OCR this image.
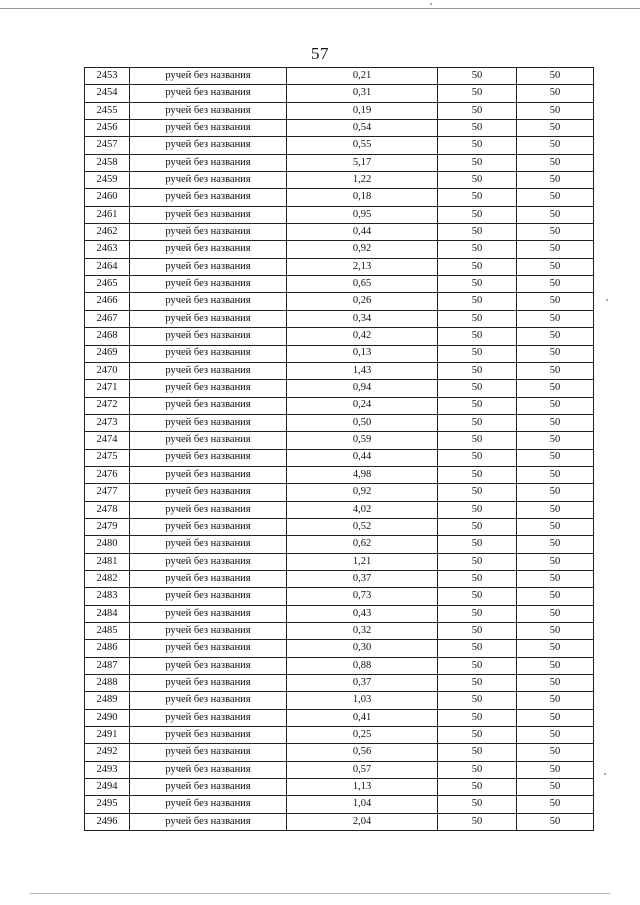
57
2453	ручей без названия	0,21	50	50
2454	ручей без названия	0,31	50	50
2455	ручей без названия	0,19	50	50
2456	ручей без названия	0,54	50	50
2457	ручей без названия	0,55	50	50
2458	ручей без названия	5,17	50	50
2459	ручей без названия	1,22	50	50
2460	ручей без названия	0,18	50	50
2461	ручей без названия	0,95	50	50
2462	ручей без названия	0,44	50	50
2463	ручей без названия	0,92	50	50
2464	ручей без названия	2,13	50	50
2465	ручей без названия	0,65	50	50
2466	ручей без названия	0,26	50	50
2467	ручей без названия	0,34	50	50
2468	ручей без названия	0,42	50	50
2469	ручей без названия	0,13	50	50
2470	ручей без названия	1,43	50	50
2471	ручей без названия	0,94	50	50
2472	ручей без названия	0,24	50	50
2473	ручей без названия	0,50	50	50
2474	ручей без названия	0,59	50	50
2475	ручей без названия	0,44	50	50
2476	ручей без названия	4,98	50	50
2477	ручей без названия	0,92	50	50
2478	ручей без названия	4,02	50	50
2479	ручей без названия	0,52	50	50
2480	ручей без названия	0,62	50	50
2481	ручей без названия	1,21	50	50
2482	ручей без названия	0,37	50	50
2483	ручей без названия	0,73	50	50
2484	ручей без названия	0,43	50	50
2485	ручей без названия	0,32	50	50
2486	ручей без названия	0,30	50	50
2487	ручей без названия	0,88	50	50
2488	ручей без названия	0,37	50	50
2489	ручей без названия	1,03	50	50
2490	ручей без названия	0,41	50	50
2491	ручей без названия	0,25	50	50
2492	ручей без названия	0,56	50	50
2493	ручей без названия	0,57	50	50
2494	ручей без названия	1,13	50	50
2495	ручей без названия	1,04	50	50
2496	ручей без названия	2,04	50	50
